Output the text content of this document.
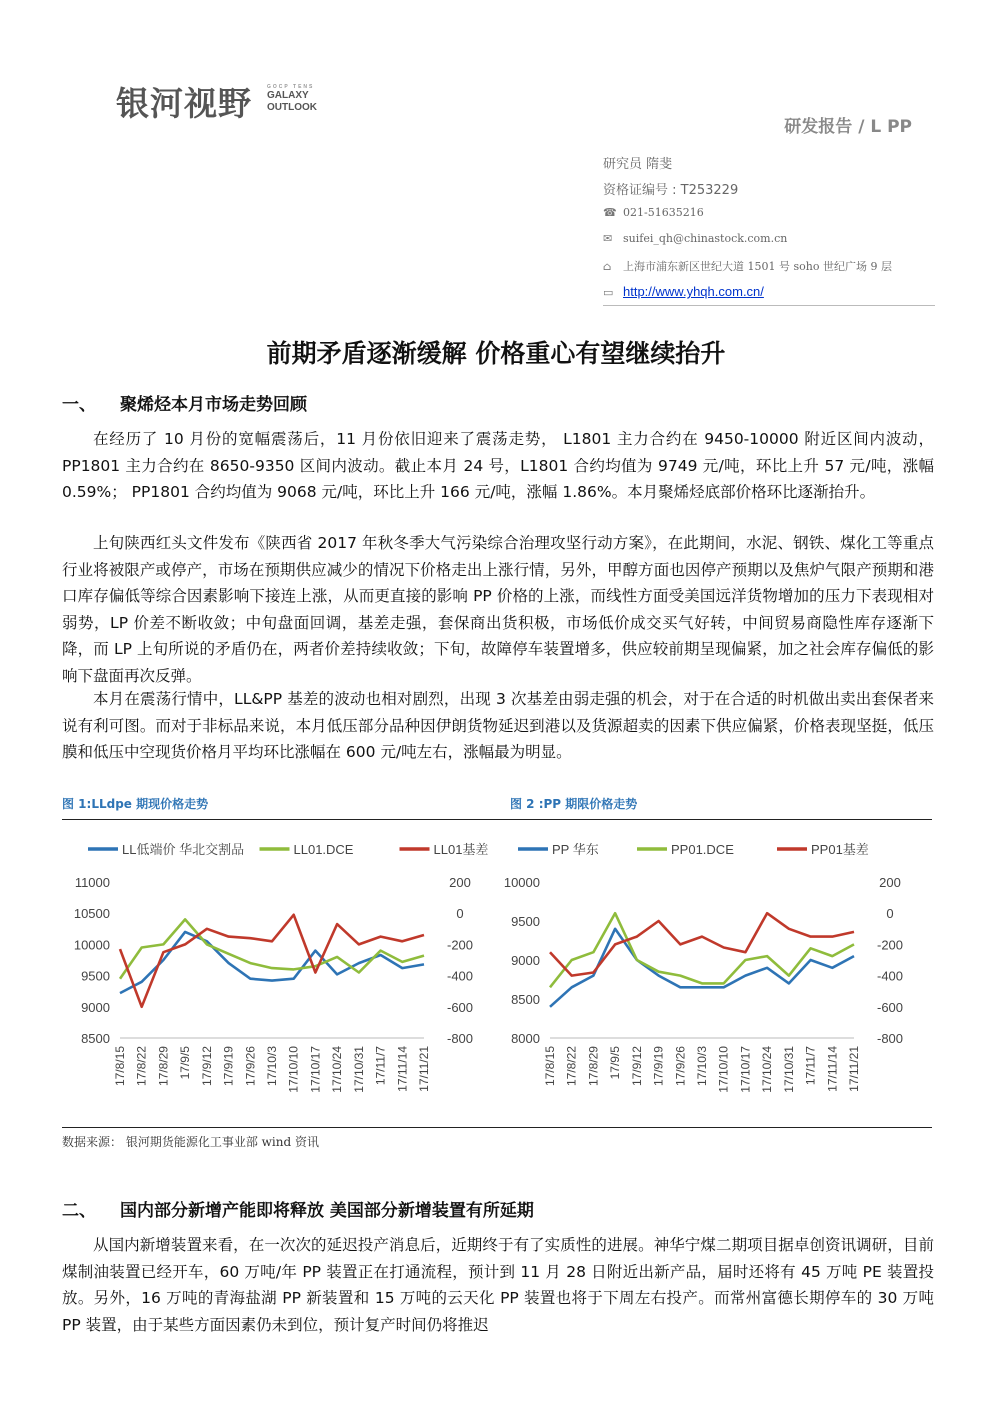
银河视野	GOCP TENS
GALAXY
OUTLOOK
研发报告 / L PP
研究员 隋斐
资格证编号 : T253229
☎ 021-51635216
✉ suifei_qh@chinastock.com.cn
⌂ 上海市浦东新区世纪大道 1501 号 soho 世纪广场 9 层
▭ http://www.yhqh.com.cn/
前期矛盾逐渐缓解 价格重心有望继续抬升
一、 聚烯烃本月市场走势回顾
在经历了 10 月份的宽幅震荡后，11 月份依旧迎来了震荡走势， L1801 主力合约在 9450-10000 附近区间内波动，PP1801 主力合约在 8650-9350 区间内波动。截止本月 24 号，L1801 合约均值为 9749 元/吨，环比上升 57 元/吨，涨幅 0.59%； PP1801 合约均值为 9068 元/吨，环比上升 166 元/吨，涨幅 1.86%。本月聚烯烃底部价格环比逐渐抬升。
上旬陕西红头文件发布《陕西省 2017 年秋冬季大气污染综合治理攻坚行动方案》，在此期间，水泥、钢铁、煤化工等重点行业将被限产或停产，市场在预期供应减少的情况下价格走出上涨行情，另外，甲醇方面也因停产预期以及焦炉气限产预期和港口库存偏低等综合因素影响下接连上涨，从而更直接的影响 PP 价格的上涨，而线性方面受美国远洋货物增加的压力下表现相对弱势，LP 价差不断收敛；中旬盘面回调，基差走强，套保商出货积极，市场低价成交买气好转，中间贸易商隐性库存逐渐下降，而 LP 上旬所说的矛盾仍在，两者价差持续收敛；下旬，故障停车装置增多，供应较前期呈现偏紧，加之社会库存偏低的影响下盘面再次反弹。
本月在震荡行情中，LL&PP 基差的波动也相对剧烈，出现 3 次基差由弱走强的机会，对于在合适的时机做出卖出套保者来说有利可图。而对于非标品来说，本月低压部分品种因伊朗货物延迟到港以及货源超卖的因素下供应偏紧，价格表现坚挺，低压膜和低压中空现货价格月平均环比涨幅在 600 元/吨左右，涨幅最为明显。
图 1:LLdpe 期现价格走势	图 2 :PP 期限价格走势
LL低端价 华北交割品	LL01.DCE	LL01基差
8500
9000
9500
10000
10500
11000
-800
-600
-400
-200
0
200
17/8/15 17/8/22 17/8/29 17/9/5 17/9/12 17/9/19 17/9/26 17/10/3 17/10/10 17/10/17 17/10/24 17/10/31 17/11/7 17/11/14 17/11/21
PP 华东	PP01.DCE	PP01基差
8000
8500
9000
9500
10000
-800
-600
-400
-200
0
200
17/8/15 17/8/22 17/8/29 17/9/5 17/9/12 17/9/19 17/9/26 17/10/3 17/10/10 17/10/17 17/10/24 17/10/31 17/11/7 17/11/14 17/11/21
数据来源： 银河期货能源化工事业部 wind 资讯
二、 国内部分新增产能即将释放 美国部分新增装置有所延期
从国内新增装置来看，在一次次的延迟投产消息后，近期终于有了实质性的进展。神华宁煤二期项目据卓创资讯调研，目前煤制油装置已经开车，60 万吨/年 PP 装置正在打通流程，预计到 11 月 28 日附近出新产品，届时还将有 45 万吨 PE 装置投放。另外，16 万吨的青海盐湖 PP 新装置和 15 万吨的云天化 PP 装置也将于下周左右投产。而常州富德长期停车的 30 万吨 PP 装置，由于某些方面因素仍未到位，预计复产时间仍将推迟
